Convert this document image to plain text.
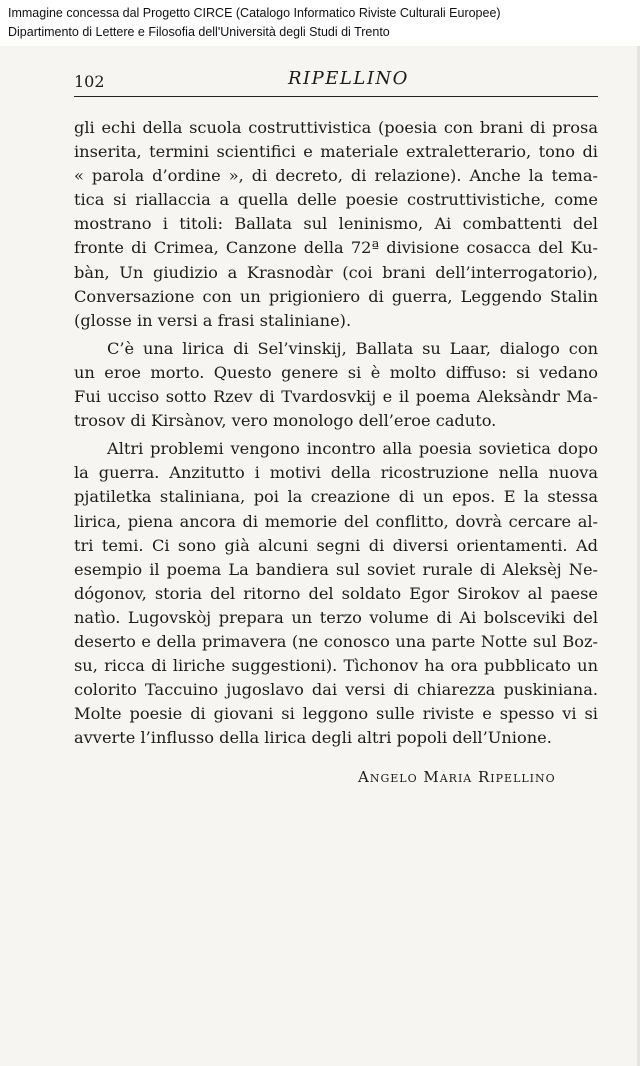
Immagine concessa dal Progetto CIRCE (Catalogo Informatico Riviste Culturali Europee)
Dipartimento di Lettere e Filosofia dell'Università degli Studi di Trento
102	RIPELLINO

gli echi della scuola costruttivistica (poesia con brani di prosa
inserita, termini scientifici e materiale extraletterario, tono di
« parola d’ordine », di decreto, di relazione). Anche la tema-
tica si riallaccia a quella delle poesie costruttivistiche, come
mostrano i titoli: Ballata sul leninismo, Ai combattenti del
fronte di Crimea, Canzone della 72ª divisione cosacca del Ku-
bàn, Un giudizio a Krasnodàr (coi brani dell’interrogatorio),
Conversazione con un prigioniero di guerra, Leggendo Stalin
(glosse in versi a frasi staliniane).

C’è una lirica di Sel’vinskij, Ballata su Laar, dialogo con
un eroe morto. Questo genere si è molto diffuso: si vedano
Fui ucciso sotto Rzev di Tvardosvkij e il poema Aleksàndr Ma-
trosov di Kirsànov, vero monologo dell’eroe caduto.

Altri problemi vengono incontro alla poesia sovietica dopo
la guerra. Anzitutto i motivi della ricostruzione nella nuova
pjatiletka staliniana, poi la creazione di un epos. E la stessa
lirica, piena ancora di memorie del conflitto, dovrà cercare al-
tri temi. Ci sono già alcuni segni di diversi orientamenti. Ad
esempio il poema La bandiera sul soviet rurale di Aleksèj Ne-
dógonov, storia del ritorno del soldato Egor Sirokov al paese
natìo. Lugovskòj prepara un terzo volume di Ai bolsceviki del
deserto e della primavera (ne conosco una parte Notte sul Boz-
su, ricca di liriche suggestioni). Tìchonov ha ora pubblicato un
colorito Taccuino jugoslavo dai versi di chiarezza puskiniana.
Molte poesie di giovani si leggono sulle riviste e spesso vi si
avverte l’influsso della lirica degli altri popoli dell’Unione.

Angelo Maria Ripellino
